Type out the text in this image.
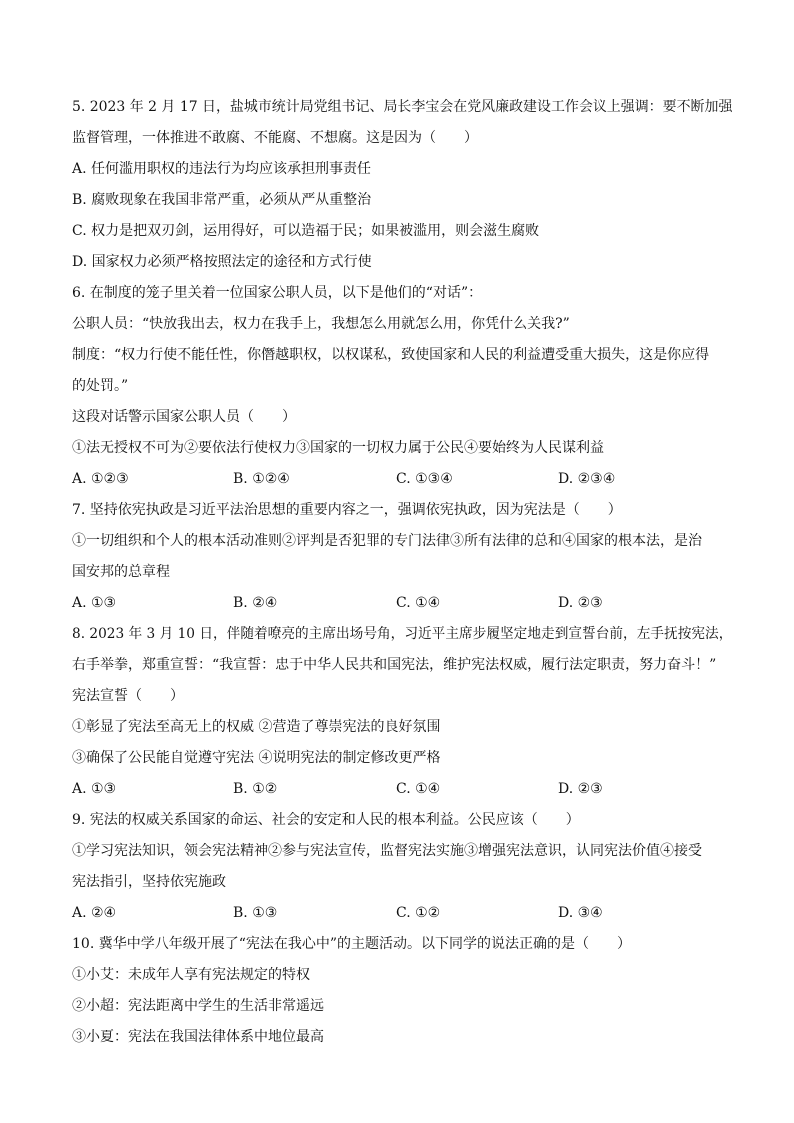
5. 2023 年 2 月 17 日，盐城市统计局党组书记、局长李宝会在党风廉政建设工作会议上强调：要不断加强
监督管理，一体推进不敢腐、不能腐、不想腐。这是因为（　　）
A. 任何滥用职权的违法行为均应该承担刑事责任
B. 腐败现象在我国非常严重，必须从严从重整治
C. 权力是把双刃剑，运用得好，可以造福于民；如果被滥用，则会滋生腐败
D. 国家权力必须严格按照法定的途径和方式行使
6. 在制度的笼子里关着一位国家公职人员，以下是他们的“对话”：
公职人员：“快放我出去，权力在我手上，我想怎么用就怎么用，你凭什么关我?”
制度：“权力行使不能任性，你僭越职权，以权谋私，致使国家和人民的利益遭受重大损失，这是你应得
的处罚。”
这段对话警示国家公职人员（　　）
①法无授权不可为②要依法行使权力③国家的一切权力属于公民④要始终为人民谋利益
A. ①②③	B. ①②④	C. ①③④	D. ②③④
7. 坚持依宪执政是习近平法治思想的重要内容之一，强调依宪执政，因为宪法是（　　）
①一切组织和个人的根本活动准则②评判是否犯罪的专门法律③所有法律的总和④国家的根本法，是治
国安邦的总章程
A. ①③	B. ②④	C. ①④	D. ②③
8. 2023 年 3 月 10 日，伴随着嘹亮的主席出场号角，习近平主席步履坚定地走到宣誓台前，左手抚按宪法，
右手举拳，郑重宣誓：“我宣誓：忠于中华人民共和国宪法，维护宪法权威，履行法定职责，努力奋斗！”
宪法宣誓（　　）
①彰显了宪法至高无上的权威 ②营造了尊崇宪法的良好氛围
③确保了公民能自觉遵守宪法 ④说明宪法的制定修改更严格
A. ①③	B. ①②	C. ①④	D. ②③
9. 宪法的权威关系国家的命运、社会的安定和人民的根本利益。公民应该（　　）
①学习宪法知识，领会宪法精神②参与宪法宣传，监督宪法实施③增强宪法意识，认同宪法价值④接受
宪法指引，坚持依宪施政
A. ②④	B. ①③	C. ①②	D. ③④
10. 冀华中学八年级开展了“宪法在我心中”的主题活动。以下同学的说法正确的是（　　）
①小艾：未成年人享有宪法规定的特权
②小超：宪法距离中学生的生活非常遥远
③小夏：宪法在我国法律体系中地位最高
